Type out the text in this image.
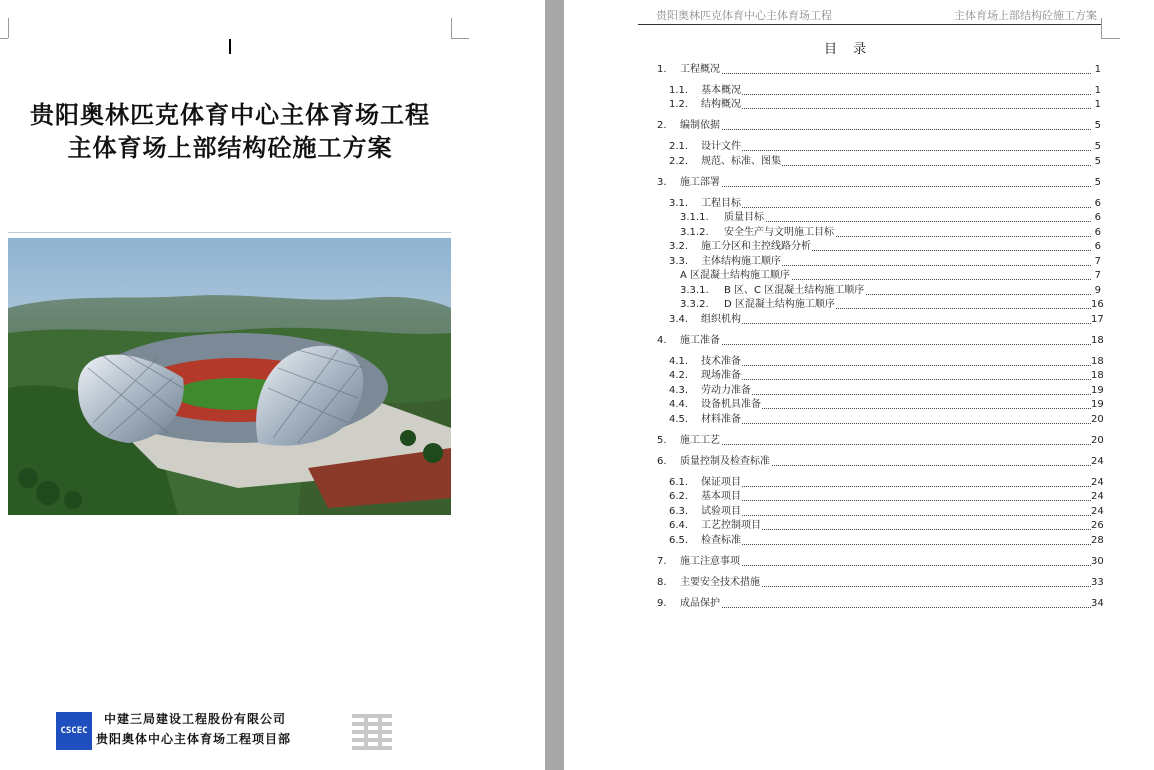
贵阳奥林匹克体育中心主体育场工程
主体育场上部结构砼施工方案
CSCEC
中建三局建设工程股份有限公司
贵阳奥体中心主体育场工程项目部
贵阳奥林匹克体育中心主体育场工程	主体育场上部结构砼施工方案
目 录
1. 工程概况	1
1.1. 基本概况	1
1.2. 结构概况	1
2. 编制依据	5
2.1. 设计文件	5
2.2. 规范、标准、图集	5
3. 施工部署	5
3.1. 工程目标	6
3.1.1. 质量目标	6
3.1.2. 安全生产与文明施工目标	6
3.2. 施工分区和主控线路分析	6
3.3. 主体结构施工顺序	7
A 区混凝土结构施工顺序	7
3.3.1. B 区、C 区混凝土结构施工顺序	9
3.3.2. D 区混凝土结构施工顺序	16
3.4. 组织机构	17
4. 施工准备	18
4.1. 技术准备	18
4.2. 现场准备	18
4.3. 劳动力准备	19
4.4. 设备机具准备	19
4.5. 材料准备	20
5. 施工工艺	20
6. 质量控制及检查标准	24
6.1. 保证项目	24
6.2. 基本项目	24
6.3. 试验项目	24
6.4. 工艺控制项目	26
6.5. 检查标准	28
7. 施工注意事项	30
8. 主要安全技术措施	33
9. 成品保护	34
